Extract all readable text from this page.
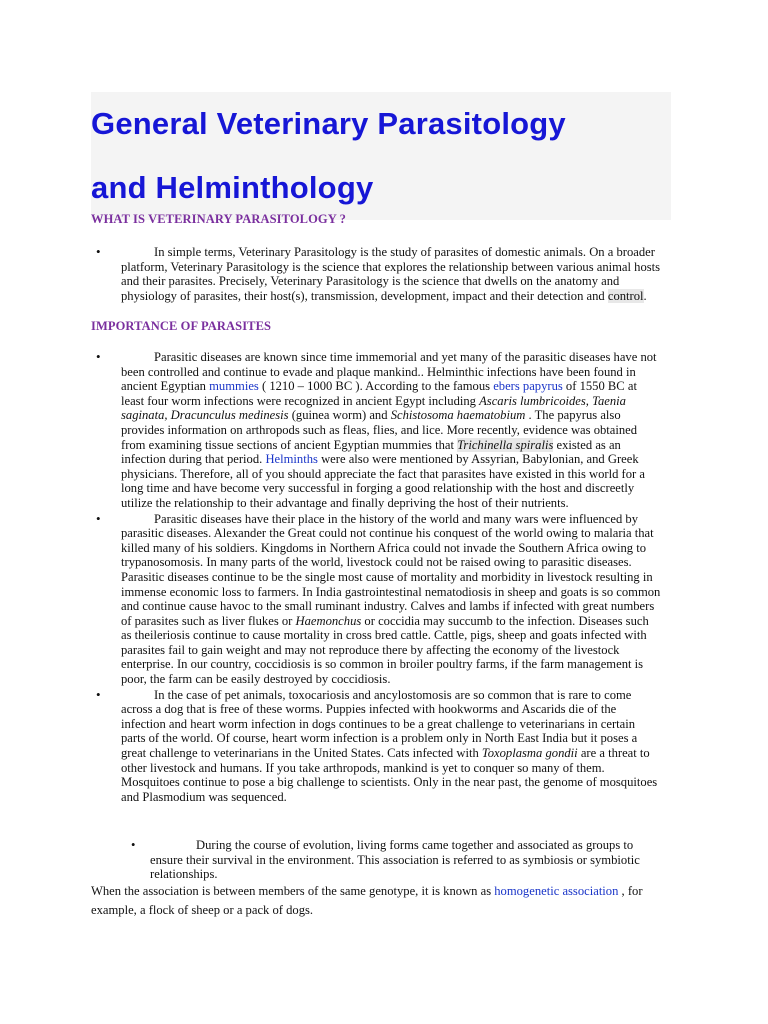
General Veterinary Parasitology
and Helminthology

WHAT IS VETERINARY PARASITOLOGY ?

•	In simple terms, Veterinary Parasitology is the study of parasites of domestic animals. On a broader platform, Veterinary Parasitology is the science that explores the relationship between various animal hosts and their parasites. Precisely, Veterinary Parasitology is the science that dwells on the anatomy and physiology of parasites, their host(s), transmission, development, impact and their detection and control.

IMPORTANCE OF PARASITES

•	Parasitic diseases are known since time immemorial and yet many of the parasitic diseases have not been controlled and continue to evade and plaque mankind.. Helminthic infections have been found in ancient Egyptian mummies ( 1210 – 1000 BC ). According to the famous ebers papyrus of 1550 BC at least four worm infections were recognized in ancient Egypt including Ascaris lumbricoides, Taenia saginata, Dracunculus medinesis (guinea worm) and Schistosoma haematobium . The papyrus also provides information on arthropods such as fleas, flies, and lice. More recently, evidence was obtained from examining tissue sections of ancient Egyptian mummies that Trichinella spiralis existed as an infection during that period. Helminths were also were mentioned by Assyrian, Babylonian, and Greek physicians. Therefore, all of you should appreciate the fact that parasites have existed in this world for a long time and have become very successful in forging a good relationship with the host and discreetly utilize the relationship to their advantage and finally depriving the host of their nutrients.
•	Parasitic diseases have their place in the history of the world and many wars were influenced by parasitic diseases. Alexander the Great could not continue his conquest of the world owing to malaria that killed many of his soldiers. Kingdoms in Northern Africa could not invade the Southern Africa owing to trypanosomosis. In many parts of the world, livestock could not be raised owing to parasitic diseases. Parasitic diseases continue to be the single most cause of mortality and morbidity in livestock resulting in immense economic loss to farmers. In India gastrointestinal nematodiosis in sheep and goats is so common and continue cause havoc to the small ruminant industry. Calves and lambs if infected with great numbers of parasites such as liver flukes or Haemonchus or coccidia may succumb to the infection. Diseases such as theileriosis continue to cause mortality in cross bred cattle. Cattle, pigs, sheep and goats infected with parasites fail to gain weight and may not reproduce there by affecting the economy of the livestock enterprise. In our country, coccidiosis is so common in broiler poultry farms, if the farm management is poor, the farm can be easily destroyed by coccidiosis.
•	In the case of pet animals, toxocariosis and ancylostomosis are so common that is rare to come across a dog that is free of these worms. Puppies infected with hookworms and Ascarids die of the infection and heart worm infection in dogs continues to be a great challenge to veterinarians in certain parts of the world. Of course, heart worm infection is a problem only in North East India but it poses a great challenge to veterinarians in the United States. Cats infected with Toxoplasma gondii are a threat to other livestock and humans. If you take arthropods, mankind is yet to conquer so many of them. Mosquitoes continue to pose a big challenge to scientists. Only in the near past, the genome of mosquitoes and Plasmodium was sequenced.
•	During the course of evolution, living forms came together and associated as groups to ensure their survival in the environment. This association is referred to as symbiosis or symbiotic relationships.

When the association is between members of the same genotype, it is known as homogenetic association , for example, a flock of sheep or a pack of dogs.
